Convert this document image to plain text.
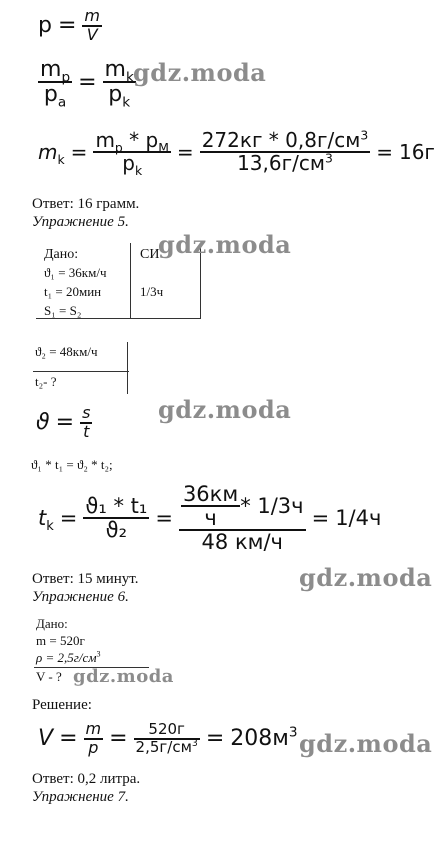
$p = \frac{m}{V}$
$\frac{m_p}{p_a} = \frac{m_k}{p_k}$
gdz.moda
$m_k = \frac{m_p * p_M}{p_k} = \frac{272кг * 0,8г/см^3}{13,6г/см^3} = 16г$
Ответ: 16 грамм.
Упражнение 5.
Дано:	СИ
ϑ₁ = 36км/ч
t₁ = 20мин	1/3ч
S₁ = S₂
gdz.moda
ϑ₂ = 48км/ч
t₂- ?
$ϑ = \frac{s}{t}$	gdz.moda
ϑ₁ * t₁ = ϑ₂ * t₂;
$t_k = \frac{\text{ϑ₁ * t₁}}{\text{ϑ₂}} = \frac{\frac{36км}{ч} * 1/3ч}{48 км/ч} = 1/4ч$
Ответ: 15 минут.	gdz.moda
Упражнение 6.
Дано:
m = 520г
$\rho = 2,5г/см^3$
V - ? gdz.moda
Решение:
$V = \frac{m}{p} = \frac{520г}{2,5г/см^3} = 208м^3$ gdz.moda
Ответ: 0,2 литра.
Упражнение 7.
